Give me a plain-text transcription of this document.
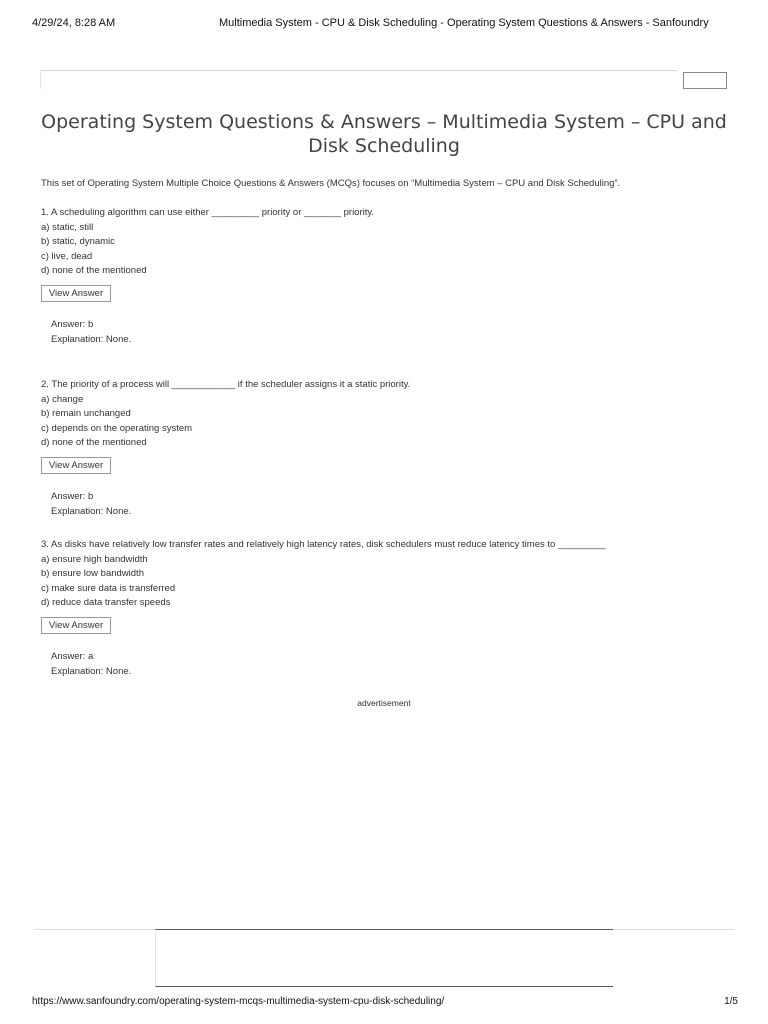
4/29/24, 8:28 AM	Multimedia System - CPU & Disk Scheduling - Operating System Questions & Answers - Sanfoundry
Operating System Questions & Answers – Multimedia System – CPU and Disk Scheduling
This set of Operating System Multiple Choice Questions & Answers (MCQs) focuses on “Multimedia System – CPU and Disk Scheduling”.
1. A scheduling algorithm can use either _________ priority or _______ priority.
a) static, still
b) static, dynamic
c) live, dead
d) none of the mentioned
View Answer
Answer: b
Explanation: None.
2. The priority of a process will ____________ if the scheduler assigns it a static priority.
a) change
b) remain unchanged
c) depends on the operating system
d) none of the mentioned
View Answer
Answer: b
Explanation: None.
3. As disks have relatively low transfer rates and relatively high latency rates, disk schedulers must reduce latency times to _________
a) ensure high bandwidth
b) ensure low bandwidth
c) make sure data is transferred
d) reduce data transfer speeds
View Answer
Answer: a
Explanation: None.
advertisement
https://www.sanfoundry.com/operating-system-mcqs-multimedia-system-cpu-disk-scheduling/	1/5
